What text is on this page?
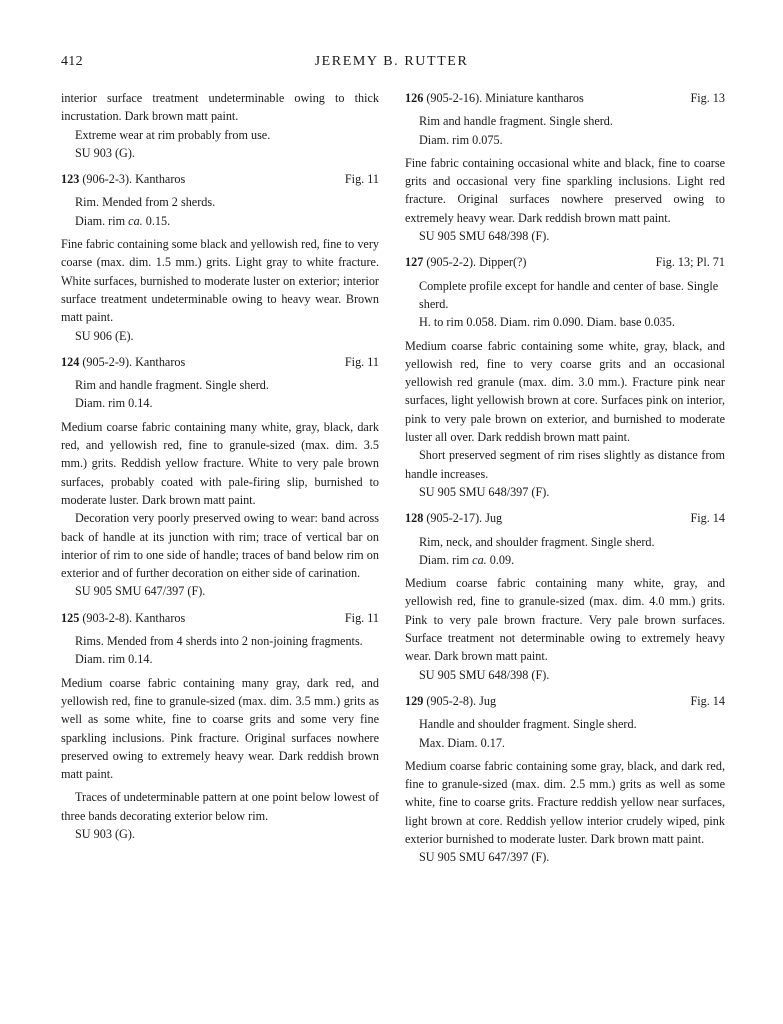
412	JEREMY B. RUTTER

interior surface treatment undeterminable owing to thick incrustation. Dark brown matt paint.

Extreme wear at rim probably from use.

SU 903 (G).

123 (906-2-3). Kantharos	Fig. 11

Rim. Mended from 2 sherds.

Diam. rim ca. 0.15.

Fine fabric containing some black and yellowish red, fine to very coarse (max. dim. 1.5 mm.) grits. Light gray to white fracture. White surfaces, burnished to moderate luster on exterior; interior surface treatment undeterminable owing to heavy wear. Brown matt paint.

SU 906 (E).

124 (905-2-9). Kantharos	Fig. 11

Rim and handle fragment. Single sherd.

Diam. rim 0.14.

Medium coarse fabric containing many white, gray, black, dark red, and yellowish red, fine to granule-sized (max. dim. 3.5 mm.) grits. Reddish yellow fracture. White to very pale brown surfaces, probably coated with pale-firing slip, burnished to moderate luster. Dark brown matt paint.

Decoration very poorly preserved owing to wear: band across back of handle at its junction with rim; trace of vertical bar on interior of rim to one side of handle; traces of band below rim on exterior and of further decoration on either side of carination.

SU 905 SMU 647/397 (F).

125 (903-2-8). Kantharos	Fig. 11

Rims. Mended from 4 sherds into 2 non-joining fragments.

Diam. rim 0.14.

Medium coarse fabric containing many gray, dark red, and yellowish red, fine to granule-sized (max. dim. 3.5 mm.) grits as well as some white, fine to coarse grits and some very fine sparkling inclusions. Pink fracture. Original surfaces nowhere preserved owing to extremely heavy wear. Dark reddish brown matt paint.

Traces of undeterminable pattern at one point below lowest of three bands decorating exterior below rim.

SU 903 (G).

126 (905-2-16). Miniature kantharos	Fig. 13

Rim and handle fragment. Single sherd.

Diam. rim 0.075.

Fine fabric containing occasional white and black, fine to coarse grits and occasional very fine sparkling inclusions. Light red fracture. Original surfaces nowhere preserved owing to extremely heavy wear. Dark reddish brown matt paint.

SU 905 SMU 648/398 (F).

127 (905-2-2). Dipper(?)	Fig. 13; Pl. 71

Complete profile except for handle and center of base. Single sherd.

H. to rim 0.058. Diam. rim 0.090. Diam. base 0.035.

Medium coarse fabric containing some white, gray, black, and yellowish red, fine to very coarse grits and an occasional yellowish red granule (max. dim. 3.0 mm.). Fracture pink near surfaces, light yellowish brown at core. Surfaces pink on interior, pink to very pale brown on exterior, and burnished to moderate luster all over. Dark reddish brown matt paint.

Short preserved segment of rim rises slightly as distance from handle increases.

SU 905 SMU 648/397 (F).

128 (905-2-17). Jug	Fig. 14

Rim, neck, and shoulder fragment. Single sherd.

Diam. rim ca. 0.09.

Medium coarse fabric containing many white, gray, and yellowish red, fine to granule-sized (max. dim. 4.0 mm.) grits. Pink to very pale brown fracture. Very pale brown surfaces. Surface treatment not determinable owing to extremely heavy wear. Dark brown matt paint.

SU 905 SMU 648/398 (F).

129 (905-2-8). Jug	Fig. 14

Handle and shoulder fragment. Single sherd.

Max. Diam. 0.17.

Medium coarse fabric containing some gray, black, and dark red, fine to granule-sized (max. dim. 2.5 mm.) grits as well as some white, fine to coarse grits. Fracture reddish yellow near surfaces, light brown at core. Reddish yellow interior crudely wiped, pink exterior burnished to moderate luster. Dark brown matt paint.

SU 905 SMU 647/397 (F).
